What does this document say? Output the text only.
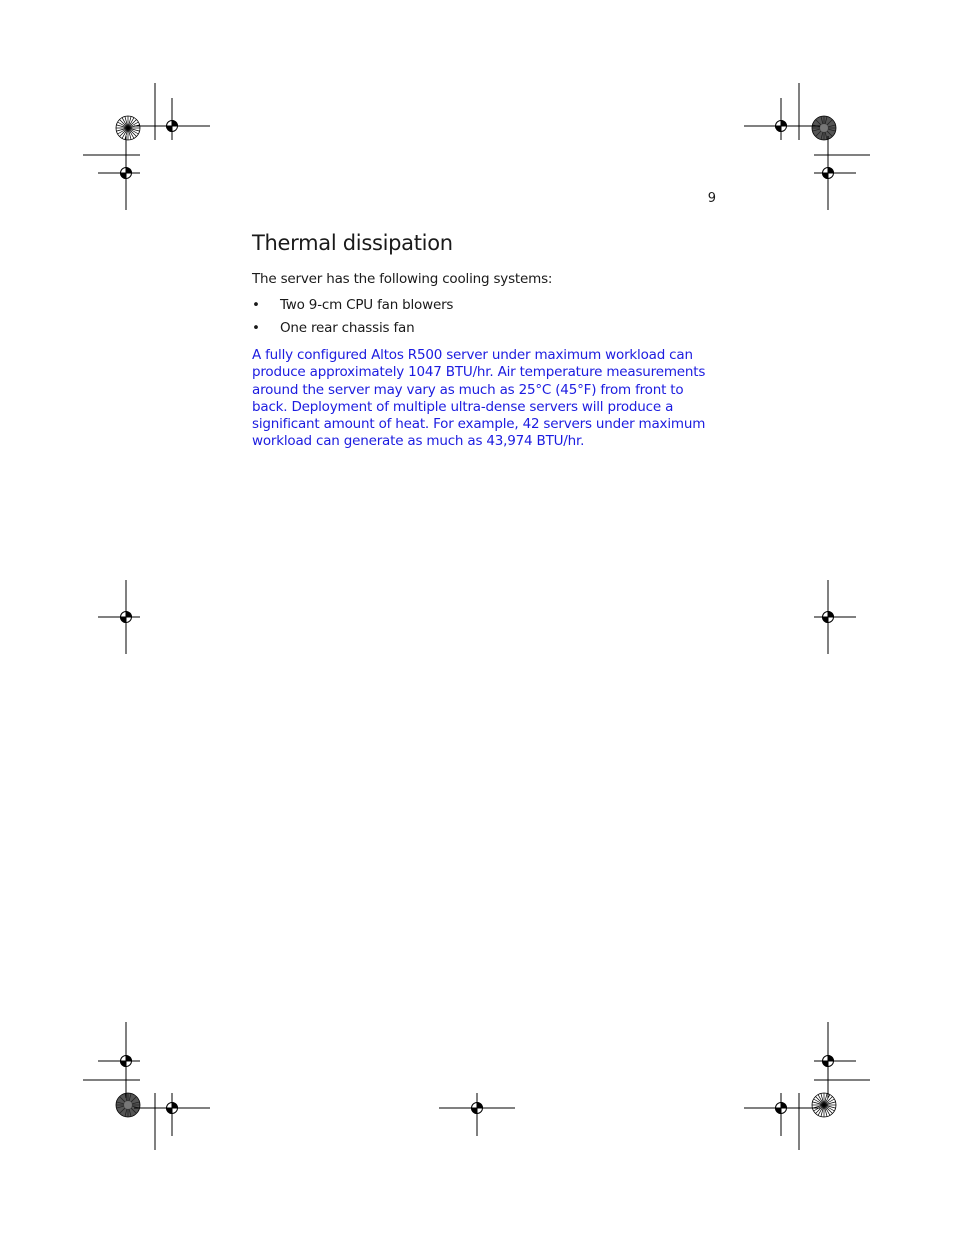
9
Thermal dissipation

The server has the following cooling systems:

• Two 9-cm CPU fan blowers
• One rear chassis fan

A fully configured Altos R500 server under maximum workload can produce approximately 1047 BTU/hr. Air temperature measurements around the server may vary as much as 25°C (45°F) from front to back. Deployment of multiple ultra-dense servers will produce a significant amount of heat. For example, 42 servers under maximum workload can generate as much as 43,974 BTU/hr.
